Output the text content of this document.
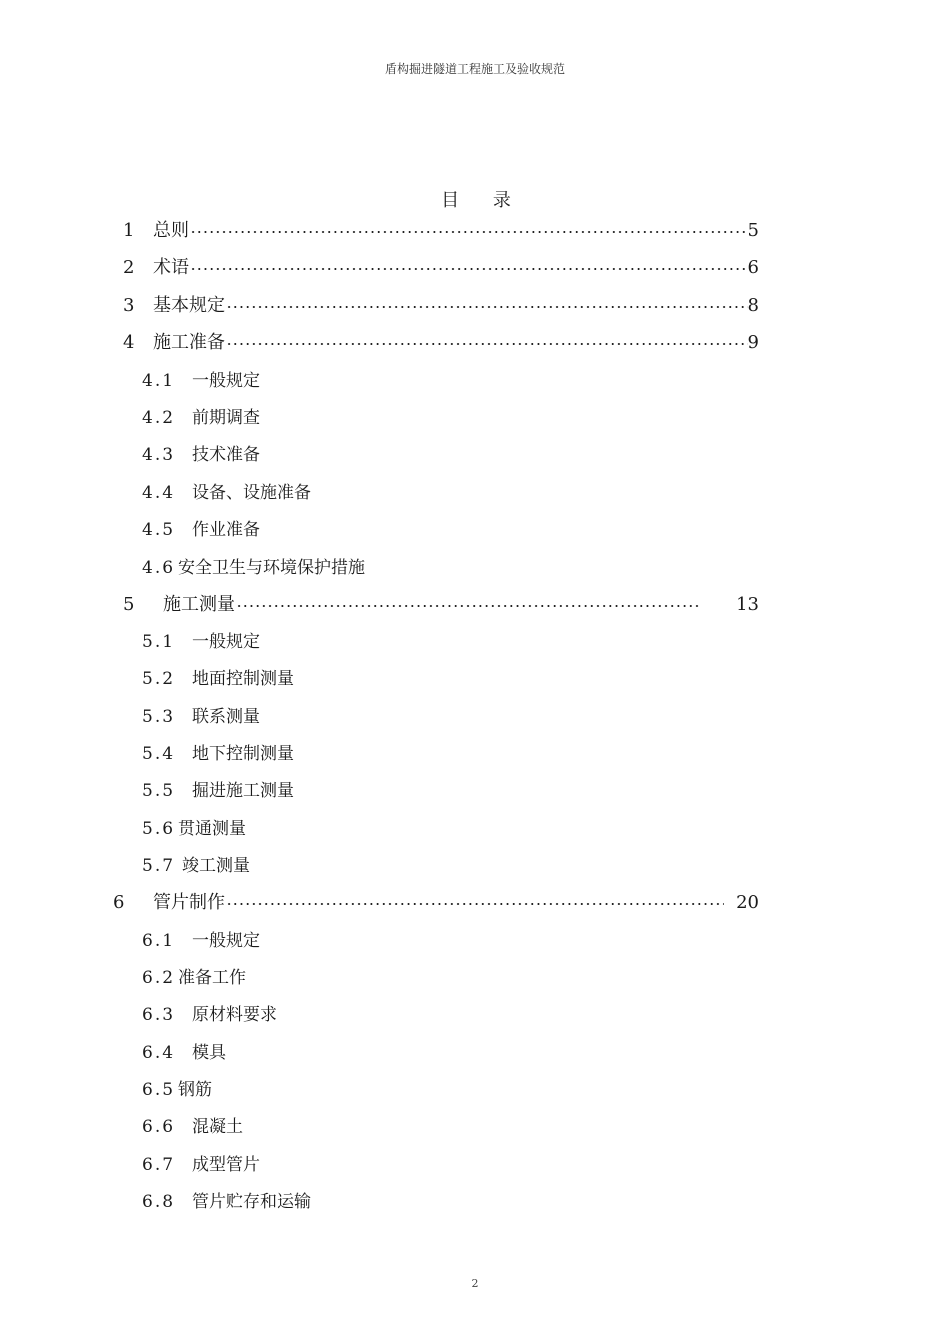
盾构掘进隧道工程施工及验收规范
目 录
1	总则	5
2	术语	6
3	基本规定	8
4	施工准备	9
4.1 一般规定
4.2 前期调查
4.3 技术准备
4.4 设备、设施准备
4.5 作业准备
4.6 安全卫生与环境保护措施
5	施工测量	13
5.1 一般规定
5.2 地面控制测量
5.3 联系测量
5.4 地下控制测量
5.5 掘进施工测量
5.6 贯通测量
5.7 竣工测量
6	管片制作	20
6.1 一般规定
6.2 准备工作
6.3 原材料要求
6.4 模具
6.5 钢筋
6.6 混凝土
6.7 成型管片
6.8 管片贮存和运输
2
